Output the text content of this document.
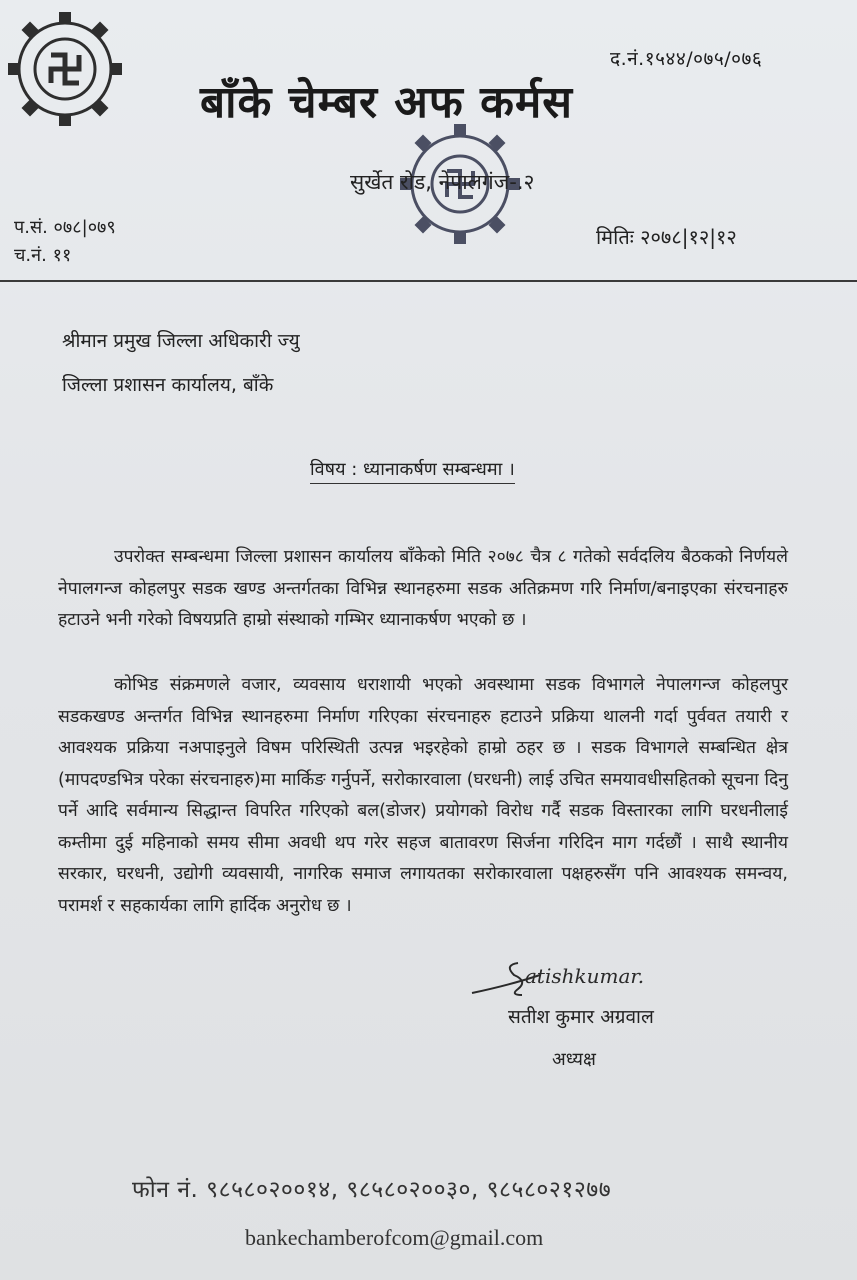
द.नं.१५४४/०७५/०७६
बाँके चेम्बर अफ कर्मस
सुर्खेत रोड, नेपालगंज-.२
प.सं. ०७८|०७९
च.नं. ११
मितिः २०७८|१२|१२
श्रीमान प्रमुख जिल्ला अधिकारी ज्यु
जिल्ला प्रशासन कार्यालय, बाँके
विषय : ध्यानाकर्षण सम्बन्धमा ।
उपरोक्त सम्बन्धमा जिल्ला प्रशासन कार्यालय बाँकेको मिति २०७८ चैत्र ८ गतेको सर्वदलिय बैठकको निर्णयले नेपालगन्ज कोहलपुर सडक खण्ड अन्तर्गतका विभिन्न स्थानहरुमा सडक अतिक्रमण गरि निर्माण/बनाइएका संरचनाहरु हटाउने भनी गरेको विषयप्रति हाम्रो संस्थाको गम्भिर ध्यानाकर्षण भएको छ ।
कोभिड संक्रमणले वजार, व्यवसाय धराशायी भएको अवस्थामा सडक विभागले नेपालगन्ज कोहलपुर सडकखण्ड अन्तर्गत विभिन्न स्थानहरुमा निर्माण गरिएका संरचनाहरु हटाउने प्रक्रिया थालनी गर्दा पुर्ववत तयारी र आवश्यक प्रक्रिया नअपाइनुले विषम परिस्थिती उत्पन्न भइरहेको हाम्रो ठहर छ । सडक विभागले सम्बन्धित क्षेत्र (मापदण्डभित्र परेका संरचनाहरु)मा मार्किङ गर्नुपर्ने, सरोकारवाला (घरधनी) लाई उचित समयावधीसहितको सूचना दिनु पर्ने आदि सर्वमान्य सिद्धान्त विपरित गरिएको बल(डोजर) प्रयोगको विरोध गर्दै सडक विस्तारका लागि घरधनीलाई कम्तीमा दुई महिनाको समय सीमा अवधी थप गरेर सहज बातावरण सिर्जना गरिदिन माग गर्दछौं । साथै स्थानीय सरकार, घरधनी, उद्योगी व्यवसायी, नागरिक समाज लगायतका सरोकारवाला पक्षहरुसँग पनि आवश्यक समन्वय, परामर्श र सहकार्यका लागि हार्दिक अनुरोध छ ।
atishkumar.
सतीश कुमार अग्रवाल
अध्यक्ष
फोन नं. ९८५८०२००१४, ९८५८०२००३०, ९८५८०२१२७७
bankechamberofcom@gmail.com
